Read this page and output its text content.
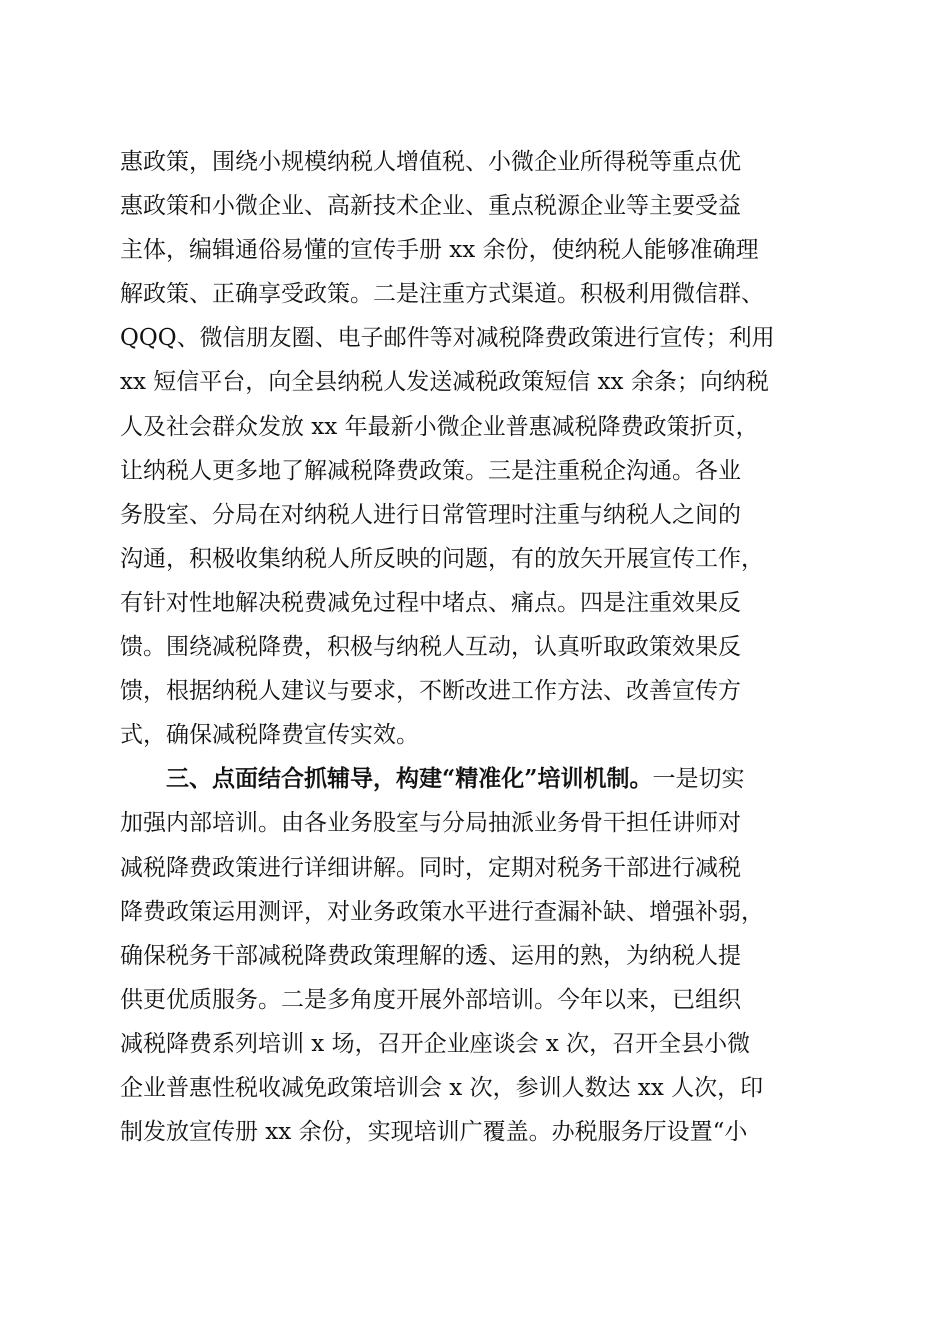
惠政策，围绕小规模纳税人增值税、小微企业所得税等重点优
惠政策和小微企业、高新技术企业、重点税源企业等主要受益
主体，编辑通俗易懂的宣传手册 xx 余份，使纳税人能够准确理
解政策、正确享受政策。二是注重方式渠道。积极利用微信群、
QQQ、微信朋友圈、电子邮件等对减税降费政策进行宣传；利用
xx 短信平台，向全县纳税人发送减税政策短信 xx 余条；向纳税
人及社会群众发放 xx 年最新小微企业普惠减税降费政策折页，
让纳税人更多地了解减税降费政策。三是注重税企沟通。各业
务股室、分局在对纳税人进行日常管理时注重与纳税人之间的
沟通，积极收集纳税人所反映的问题，有的放矢开展宣传工作，
有针对性地解决税费减免过程中堵点、痛点。四是注重效果反
馈。围绕减税降费，积极与纳税人互动，认真听取政策效果反
馈，根据纳税人建议与要求，不断改进工作方法、改善宣传方
式，确保减税降费宣传实效。
三、点面结合抓辅导，构建“精准化”培训机制。一是切实
加强内部培训。由各业务股室与分局抽派业务骨干担任讲师对
减税降费政策进行详细讲解。同时，定期对税务干部进行减税
降费政策运用测评，对业务政策水平进行查漏补缺、增强补弱，
确保税务干部减税降费政策理解的透、运用的熟，为纳税人提
供更优质服务。二是多角度开展外部培训。今年以来，已组织
减税降费系列培训 x 场，召开企业座谈会 x 次，召开全县小微
企业普惠性税收减免政策培训会 x 次，参训人数达 xx 人次，印
制发放宣传册 xx 余份，实现培训广覆盖。办税服务厅设置“小
